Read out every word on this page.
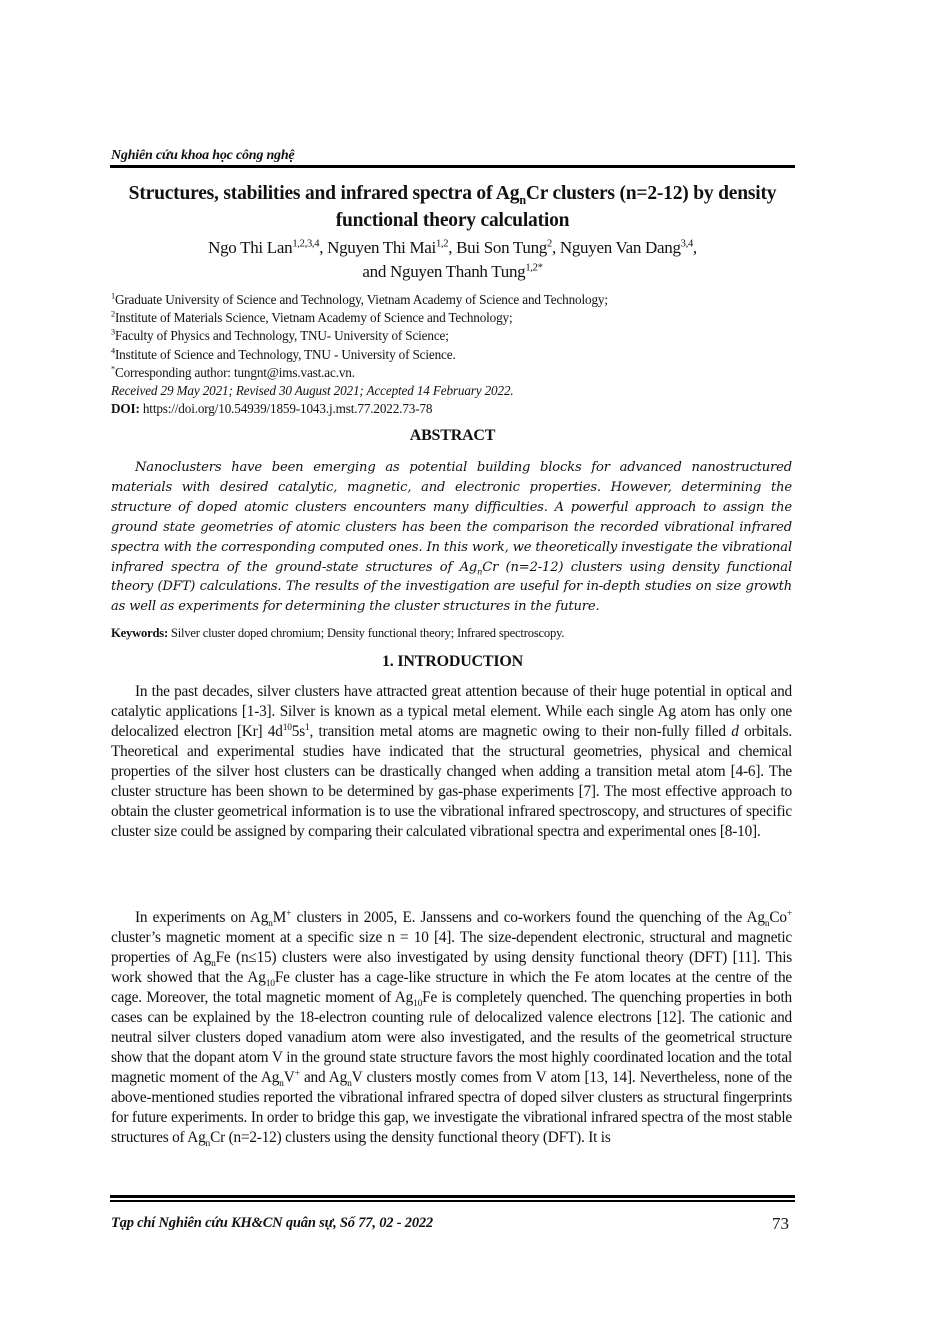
Nghiên cứu khoa học công nghệ
Structures, stabilities and infrared spectra of $Ag_nCr$ clusters (n=2-12) by density functional theory calculation
Ngo Thi Lan$^{1,2,3,4}$, Nguyen Thi Mai$^{1,2}$, Bui Son Tung$^2$, Nguyen Van Dang$^{3,4}$,
and Nguyen Thanh Tung$^{1,2*}$
$^1$Graduate University of Science and Technology, Vietnam Academy of Science and Technology;
$^2$Institute of Materials Science, Vietnam Academy of Science and Technology;
$^3$Faculty of Physics and Technology, TNU- University of Science;
$^4$Institute of Science and Technology, TNU - University of Science.
*Corresponding author: tungnt@ims.vast.ac.vn.
Received 29 May 2021; Revised 30 August 2021; Accepted 14 February 2022.
DOI: https://doi.org/10.54939/1859-1043.j.mst.77.2022.73-78
ABSTRACT
Nanoclusters have been emerging as potential building blocks for advanced nanostructured materials with desired catalytic, magnetic, and electronic properties. However, determining the structure of doped atomic clusters encounters many difficulties. A powerful approach to assign the ground state geometries of atomic clusters has been the comparison the recorded vibrational infrared spectra with the corresponding computed ones. In this work, we theoretically investigate the vibrational infrared spectra of the ground-state structures of $Ag_nCr$ (n=2-12) clusters using density functional theory (DFT) calculations. The results of the investigation are useful for in-depth studies on size growth as well as experiments for determining the cluster structures in the future.
Keywords: Silver cluster doped chromium; Density functional theory; Infrared spectroscopy.
1. INTRODUCTION
In the past decades, silver clusters have attracted great attention because of their huge potential in optical and catalytic applications [1-3]. Silver is known as a typical metal element. While each single Ag atom has only one delocalized electron [Kr] $4d^{10}5s^1$, transition metal atoms are magnetic owing to their non-fully filled d orbitals. Theoretical and experimental studies have indicated that the structural geometries, physical and chemical properties of the silver host clusters can be drastically changed when adding a transition metal atom [4-6]. The cluster structure has been shown to be determined by gas-phase experiments [7]. The most effective approach to obtain the cluster geometrical information is to use the vibrational infrared spectroscopy, and structures of specific cluster size could be assigned by comparing their calculated vibrational spectra and experimental ones [8-10].
In experiments on $Ag_nM^+$ clusters in 2005, E. Janssens and co-workers found the quenching of the $Ag_nCo^+$ cluster’s magnetic moment at a specific size n = 10 [4]. The size-dependent electronic, structural and magnetic properties of $Ag_nFe$ (n≤15) clusters were also investigated by using density functional theory (DFT) [11]. This work showed that the $Ag_{10}Fe$ cluster has a cage-like structure in which the Fe atom locates at the centre of the cage. Moreover, the total magnetic moment of $Ag_{10}Fe$ is completely quenched. The quenching properties in both cases can be explained by the 18-electron counting rule of delocalized valence electrons [12]. The cationic and neutral silver clusters doped vanadium atom were also investigated, and the results of the geometrical structure show that the dopant atom V in the ground state structure favors the most highly coordinated location and the total magnetic moment of the $Ag_nV^+$ and $Ag_nV$ clusters mostly comes from V atom [13, 14]. Nevertheless, none of the above-mentioned studies reported the vibrational infrared spectra of doped silver clusters as structural fingerprints for future experiments. In order to bridge this gap, we investigate the vibrational infrared spectra of the most stable structures of $Ag_nCr$ (n=2-12) clusters using the density functional theory (DFT). It is
Tạp chí Nghiên cứu KH&CN quân sự, Số 77, 02 - 2022	73
